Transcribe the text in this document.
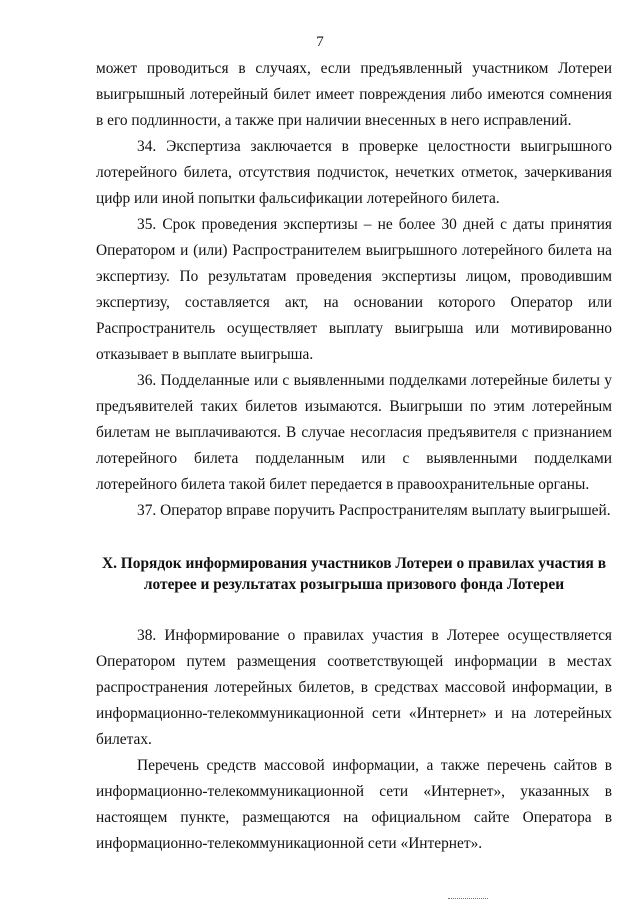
7

может проводиться в случаях, если предъявленный участником Лотереи выигрышный лотерейный билет имеет повреждения либо имеются сомнения в его подлинности, а также при наличии внесенных в него исправлений.

34. Экспертиза заключается в проверке целостности выигрышного лотерейного билета, отсутствия подчисток, нечетких отметок, зачеркивания цифр или иной попытки фальсификации лотерейного билета.

35. Срок проведения экспертизы – не более 30 дней с даты принятия Оператором и (или) Распространителем выигрышного лотерейного билета на экспертизу. По результатам проведения экспертизы лицом, проводившим экспертизу, составляется акт, на основании которого Оператор или Распространитель осуществляет выплату выигрыша или мотивированно отказывает в выплате выигрыша.

36. Подделанные или с выявленными подделками лотерейные билеты у предъявителей таких билетов изымаются. Выигрыши по этим лотерейным билетам не выплачиваются. В случае несогласия предъявителя с признанием лотерейного билета подделанным или с выявленными подделками лотерейного билета такой билет передается в правоохранительные органы.

37. Оператор вправе поручить Распространителям выплату выигрышей.

X. Порядок информирования участников Лотереи о правилах участия в
лотерее и результатах розыгрыша призового фонда Лотереи

38. Информирование о правилах участия в Лотерее осуществляется Оператором путем размещения соответствующей информации в местах распространения лотерейных билетов, в средствах массовой информации, в информационно-телекоммуникационной сети «Интернет» и на лотерейных билетах.

Перечень средств массовой информации, а также перечень сайтов в информационно-телекоммуникационной сети «Интернет», указанных в настоящем пункте, размещаются на официальном сайте Оператора в информационно-телекоммуникационной сети «Интернет».
